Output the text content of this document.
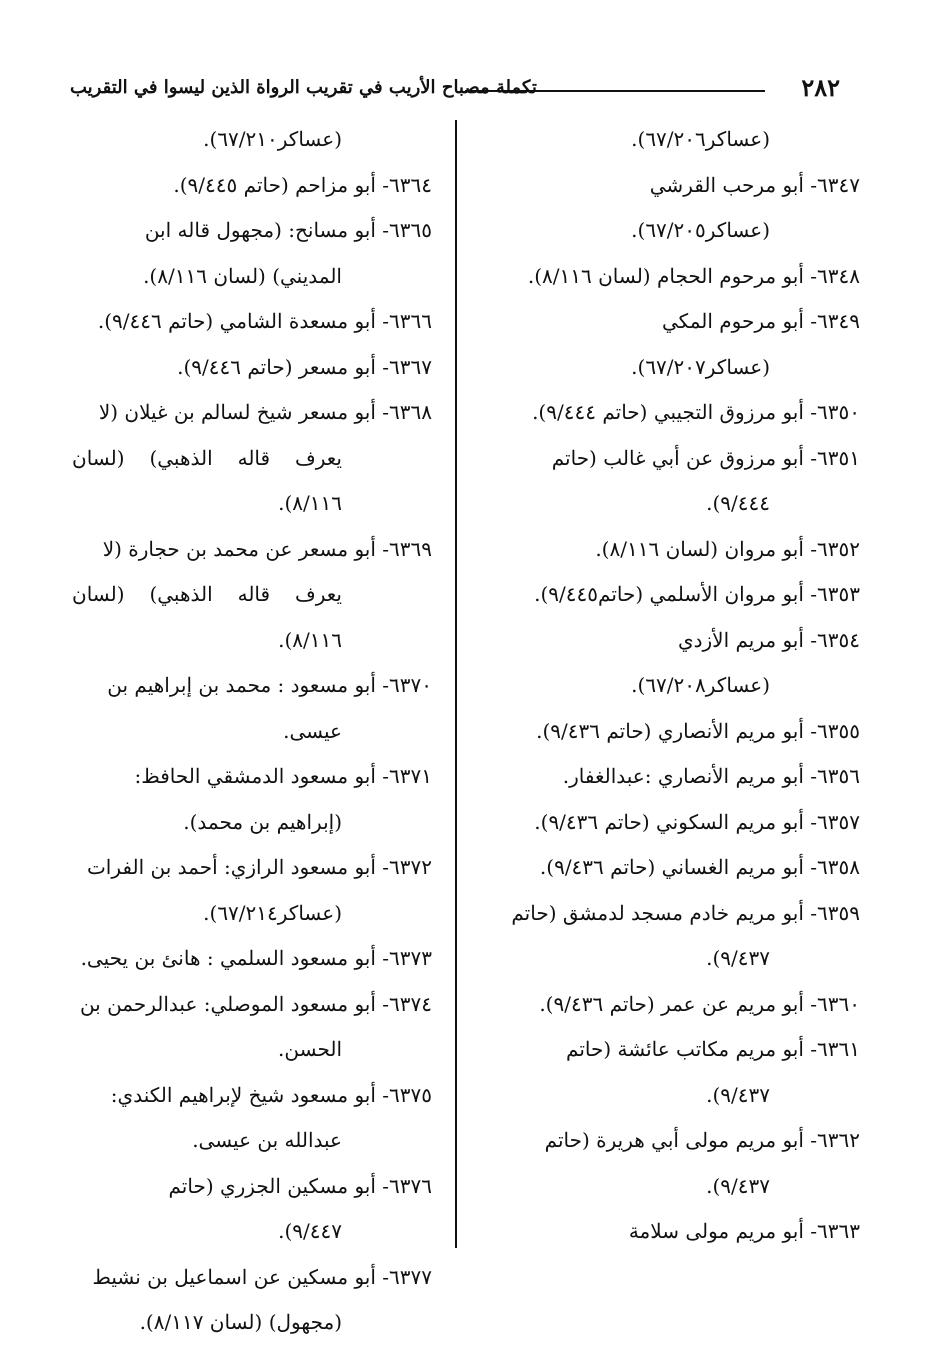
٢٨٢
تكملة مصباح الأريب في تقريب الرواة الذين ليسوا في التقريب

(عساكر٦٧/٢٠٦).

٦٣٤٧- أبو مرحب القرشي
(عساكر٦٧/٢٠٥).

٦٣٤٨- أبو مرحوم الحجام (لسان ٨/١١٦).

٦٣٤٩- أبو مرحوم المكي
(عساكر٦٧/٢٠٧).

٦٣٥٠- أبو مرزوق التجيبي (حاتم ٩/٤٤٤).

٦٣٥١- أبو مرزوق عن أبي غالب (حاتم
٩/٤٤٤).

٦٣٥٢- أبو مروان (لسان ٨/١١٦).

٦٣٥٣- أبو مروان الأسلمي (حاتم٩/٤٤٥).

٦٣٥٤- أبو مريم الأزدي
(عساكر٦٧/٢٠٨).

٦٣٥٥- أبو مريم الأنصاري (حاتم ٩/٤٣٦).

٦٣٥٦- أبو مريم الأنصاري :عبدالغفار.

٦٣٥٧- أبو مريم السكوني (حاتم ٩/٤٣٦).

٦٣٥٨- أبو مريم الغساني (حاتم ٩/٤٣٦).

٦٣٥٩- أبو مريم خادم مسجد لدمشق (حاتم
٩/٤٣٧).

٦٣٦٠- أبو مريم عن عمر (حاتم ٩/٤٣٦).

٦٣٦١- أبو مريم مكاتب عائشة (حاتم
٩/٤٣٧).

٦٣٦٢- أبو مريم مولى أبي هريرة (حاتم
٩/٤٣٧).

٦٣٦٣- أبو مريم مولى سلامة

(عساكر٦٧/٢١٠).

٦٣٦٤- أبو مزاحم (حاتم ٩/٤٤٥).

٦٣٦٥- أبو مسانح: (مجهول قاله ابن
المديني) (لسان ٨/١١٦).

٦٣٦٦- أبو مسعدة الشامي (حاتم ٩/٤٤٦).

٦٣٦٧- أبو مسعر (حاتم ٩/٤٤٦).

٦٣٦٨- أبو مسعر شيخ لسالم بن غيلان (لا
يعرف قاله الذهبي) (لسان ٨/١١٦).

٦٣٦٩- أبو مسعر عن محمد بن حجارة (لا
يعرف قاله الذهبي) (لسان ٨/١١٦).

٦٣٧٠- أبو مسعود : محمد بن إبراهيم بن
عيسى.

٦٣٧١- أبو مسعود الدمشقي الحافظ:
(إبراهيم بن محمد).

٦٣٧٢- أبو مسعود الرازي: أحمد بن الفرات
(عساكر٦٧/٢١٤).

٦٣٧٣- أبو مسعود السلمي : هانئ بن يحيى.

٦٣٧٤- أبو مسعود الموصلي: عبدالرحمن بن
الحسن.

٦٣٧٥- أبو مسعود شيخ لإبراهيم الكندي:
عبدالله بن عيسى.

٦٣٧٦- أبو مسكين الجزري (حاتم
٩/٤٤٧).

٦٣٧٧- أبو مسكين عن اسماعيل بن نشيط
(مجهول) (لسان ٨/١١٧).
